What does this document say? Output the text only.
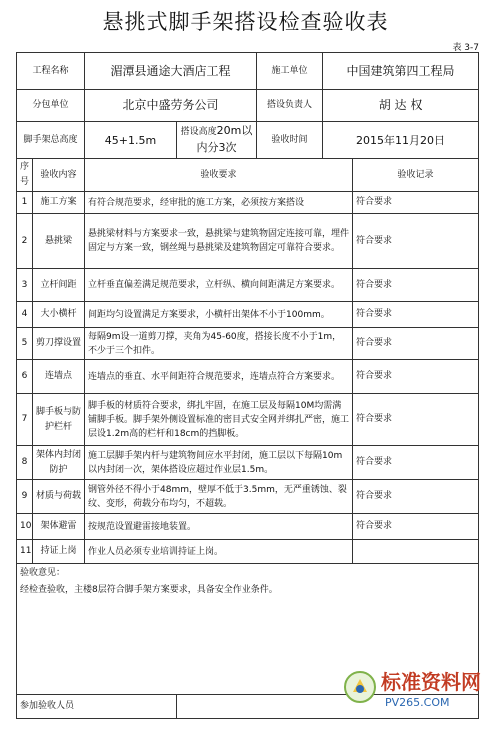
悬挑式脚手架搭设检查验收表
表 3-7
工程名称		湄潭县通途大酒店工程		施工单位	中国建筑第四工程局	
分包单位		北京中盛劳务公司		搭设负责人	胡 达 权	
脚手架总高度		45+1.5m	搭设高度20m以内分3次	验收时间	2015年11月20日	
序号	验收内容	验收要求				验收记录
1	施工方案	有符合规范要求，经审批的施工方案，必须按方案搭设				符合要求
2	悬挑梁	悬挑梁材料与方案要求一致，悬挑梁与建筑物固定连接可靠，埋件固定与方案一致，钢丝绳与悬挑梁及建筑物固定可靠符合要求。				符合要求
3	立杆间距	立杆垂直偏差满足规范要求，立杆纵、横向间距满足方案要求。				符合要求
4	大小横杆	间距均匀设置满足方案要求，小横杆出架体不小于100mm。				符合要求
5	剪刀撑设置	每隔9m设一道剪刀撑，夹角为45-60度，搭接长度不小于1m，不少于三个扣件。				符合要求
6	连墙点	连墙点的垂直、水平间距符合规范要求，连墙点符合方案要求。				符合要求
7	脚手板与防护栏杆	脚手板的材质符合要求，绑扎牢固，在施工层及每隔10M均需满铺脚手板。脚手架外侧设置标准的密目式安全网并绑扎严密，施工层设1.2m高的栏杆和18cm的挡脚板。				符合要求
8	架体内封闭防护	施工层脚手架内杆与建筑物间应水平封闭，施工层以下每隔10m以内封闭一次，架体搭设应超过作业层1.5m。				符合要求
9	材质与荷载	钢管外径不得小于48mm，壁厚不低于3.5mm，无严重锈蚀、裂纹、变形，荷载分布均匀，不超载。				符合要求
10	架体避雷	按规范设置避雷接地装置。				符合要求
11	持证上岗	作业人员必须专业培训持证上岗。				

验收意见：
经检查验收，主楼8层符合脚手架方案要求，具备安全作业条件。						

参加验收人员						
标准资料网
PV265.COM
